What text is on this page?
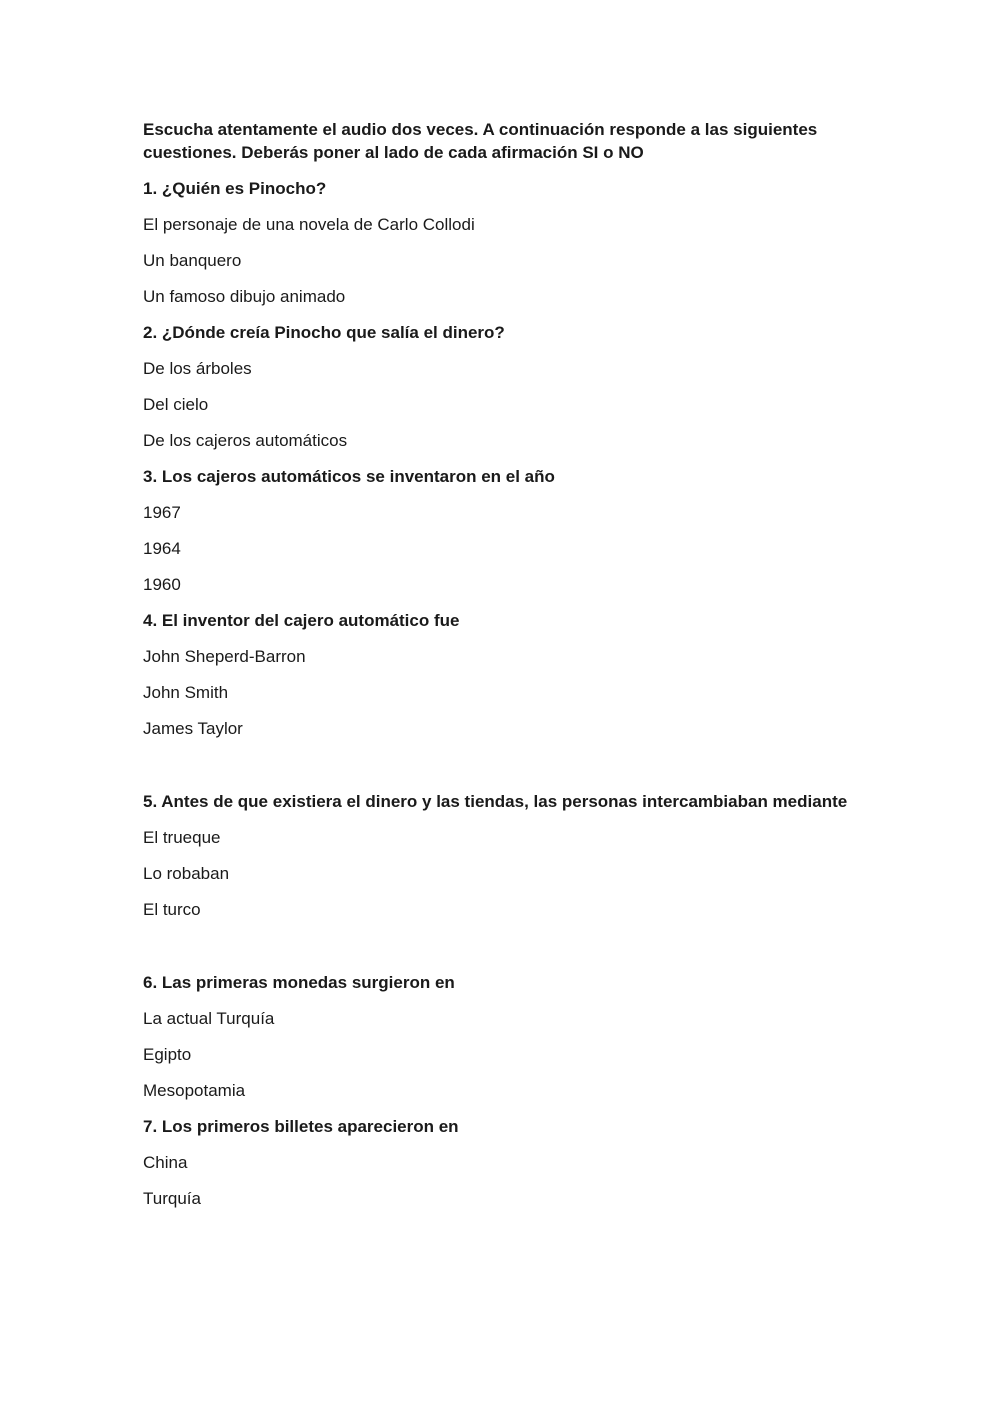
Escucha atentamente el audio dos veces. A continuación responde a las siguientes cuestiones. Deberás poner al lado de cada afirmación SI o NO

1. ¿Quién es Pinocho?

El personaje de una novela de Carlo Collodi

Un banquero

Un famoso dibujo animado

2. ¿Dónde creía Pinocho que salía el dinero?

De los árboles

Del cielo

De los cajeros automáticos

3. Los cajeros automáticos se inventaron en el año

1967

1964

1960

4. El inventor del cajero automático fue

John Sheperd-Barron

John Smith

James Taylor

5. Antes de que existiera el dinero y las tiendas, las personas intercambiaban mediante

El trueque

Lo robaban

El turco

6. Las primeras monedas surgieron en

La actual Turquía

Egipto

Mesopotamia

7. Los primeros billetes aparecieron en

China

Turquía
